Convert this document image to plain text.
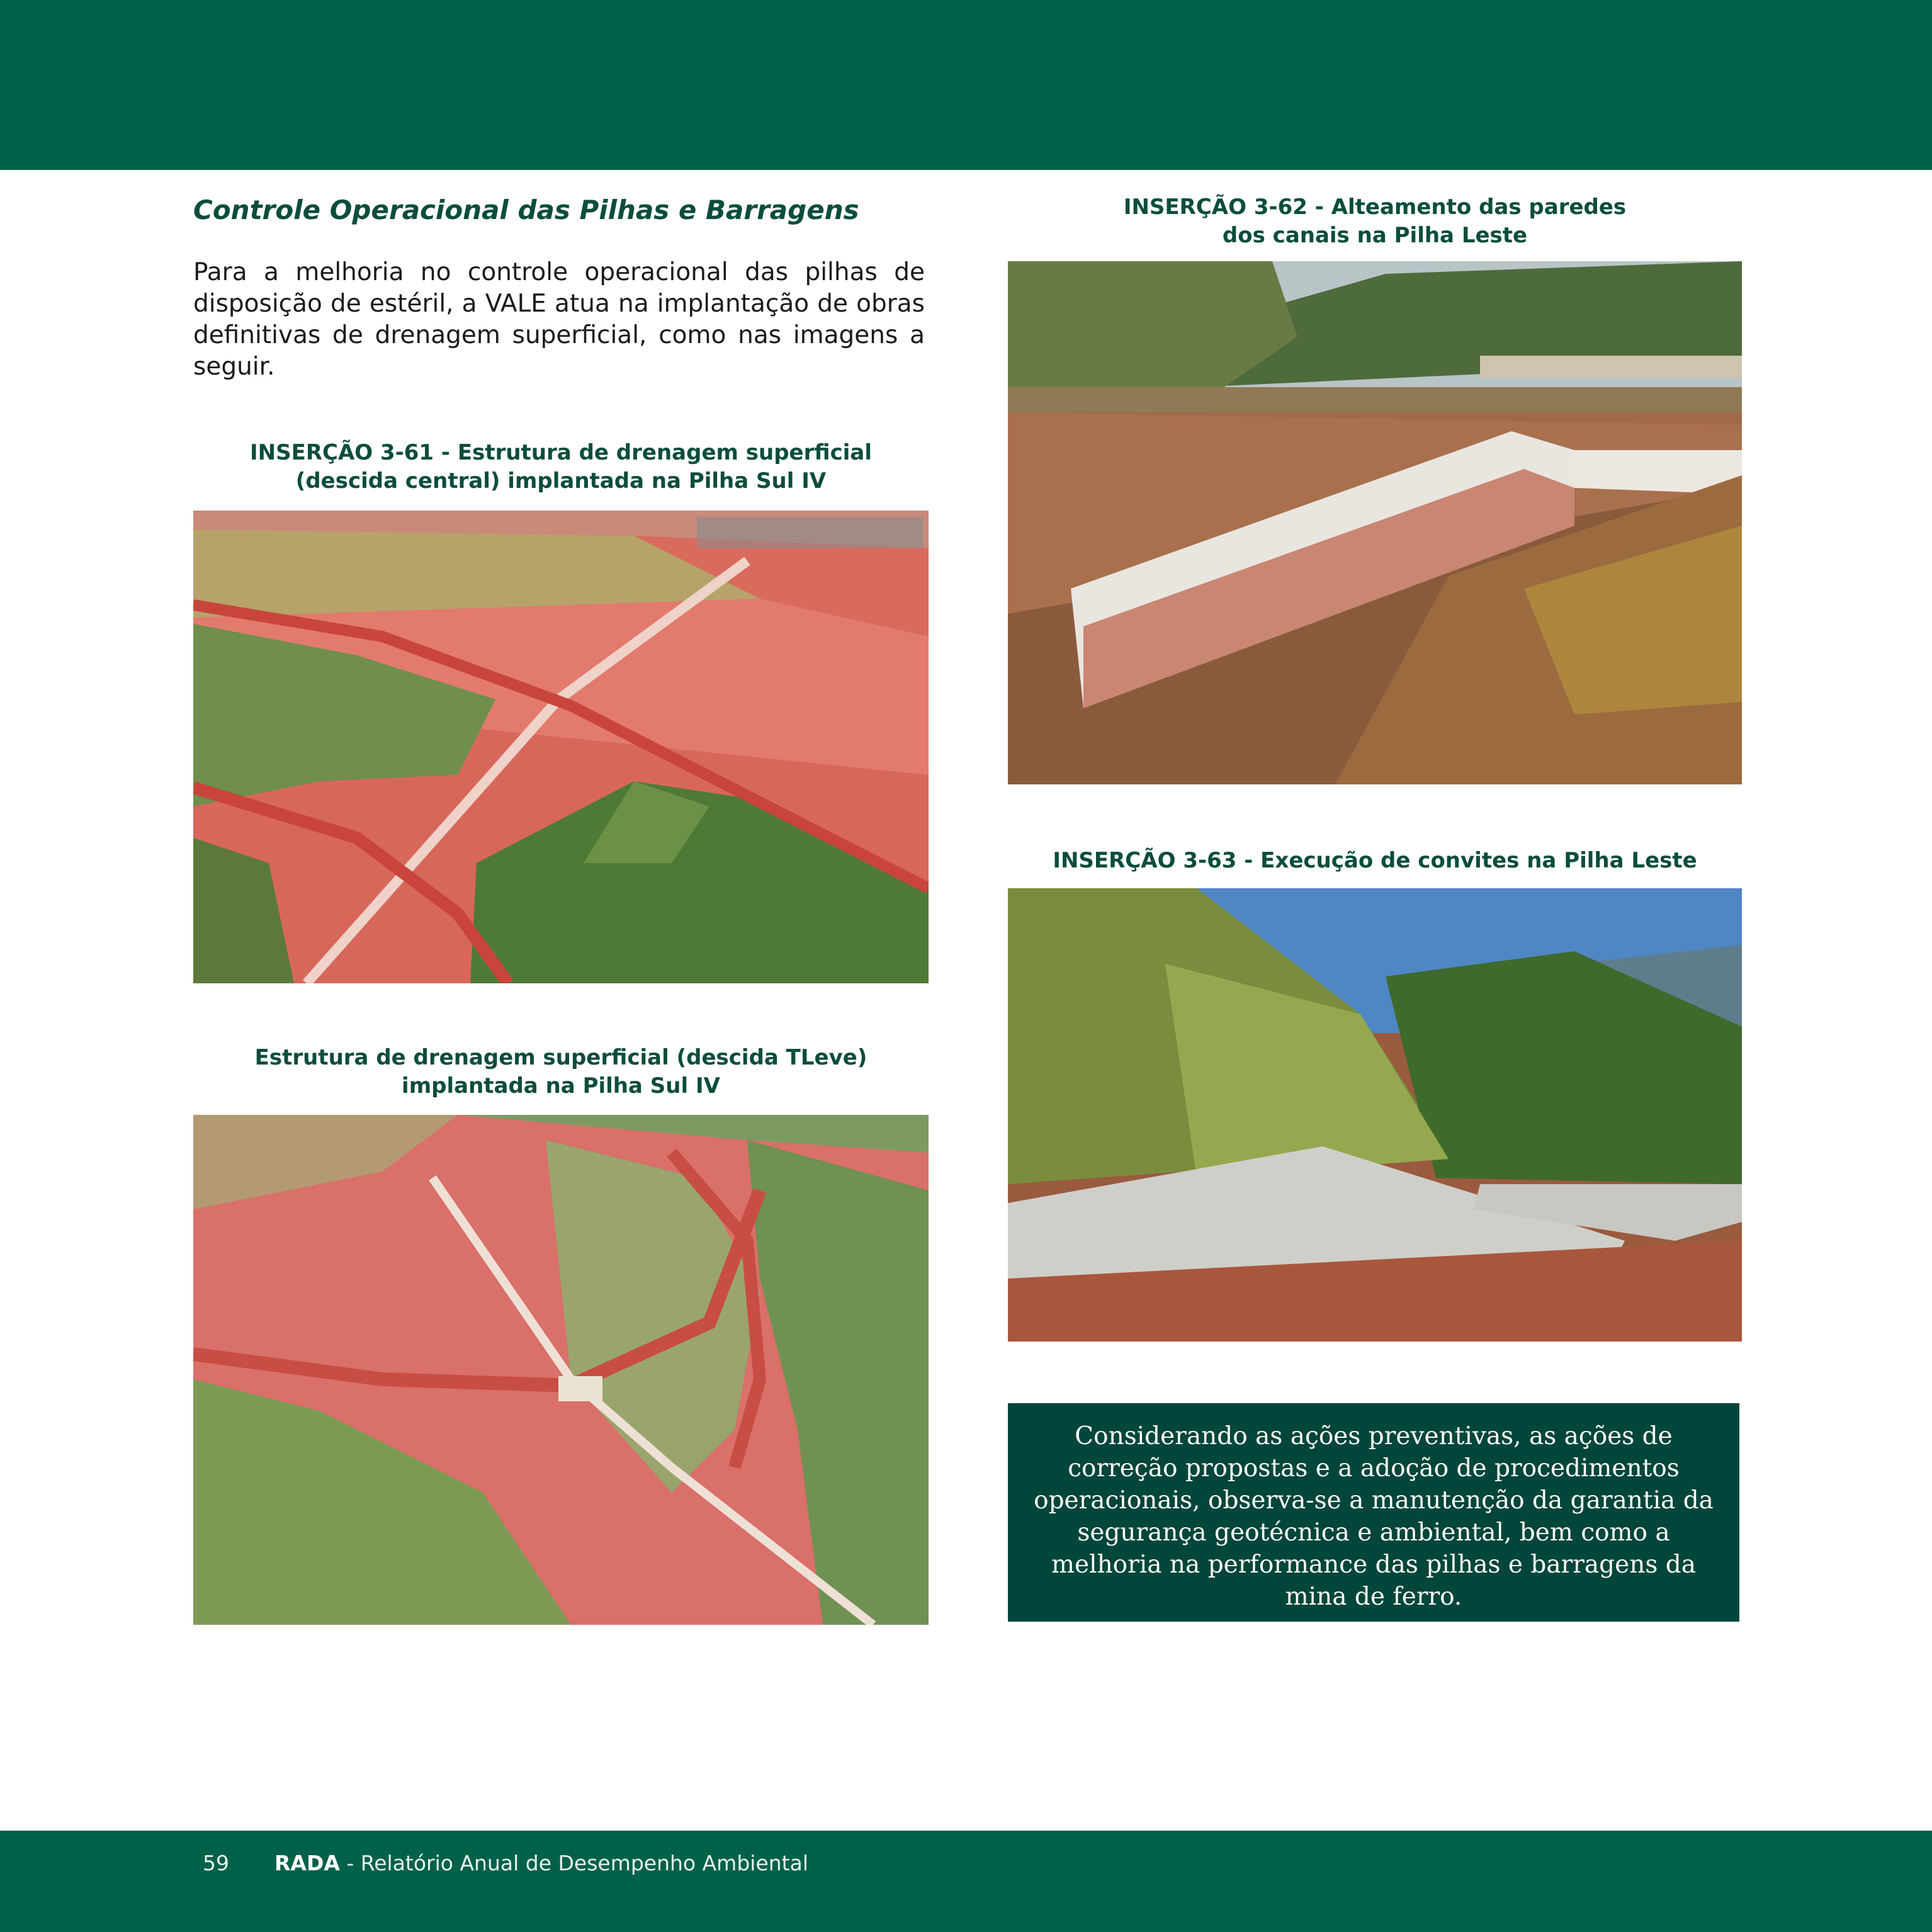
Controle Operacional das Pilhas e Barragens
Para a melhoria no controle operacional das pilhas de disposição de estéril, a VALE atua na implantação de obras definitivas de drenagem superficial, como nas imagens a seguir.
INSERÇÃO 3-61 - Estrutura de drenagem superficial
(descida central) implantada na Pilha Sul IV
Estrutura de drenagem superficial (descida TLeve)
implantada na Pilha Sul IV
INSERÇÃO 3-62 - Alteamento das paredes
dos canais na Pilha Leste
INSERÇÃO 3-63 - Execução de convites na Pilha Leste
Considerando as ações preventivas, as ações de correção propostas e a adoção de procedimentos operacionais, observa-se a manutenção da garantia da segurança geotécnica e ambiental, bem como a melhoria na performance das pilhas e barragens da mina de ferro.
59 RADA - Relatório Anual de Desempenho Ambiental
